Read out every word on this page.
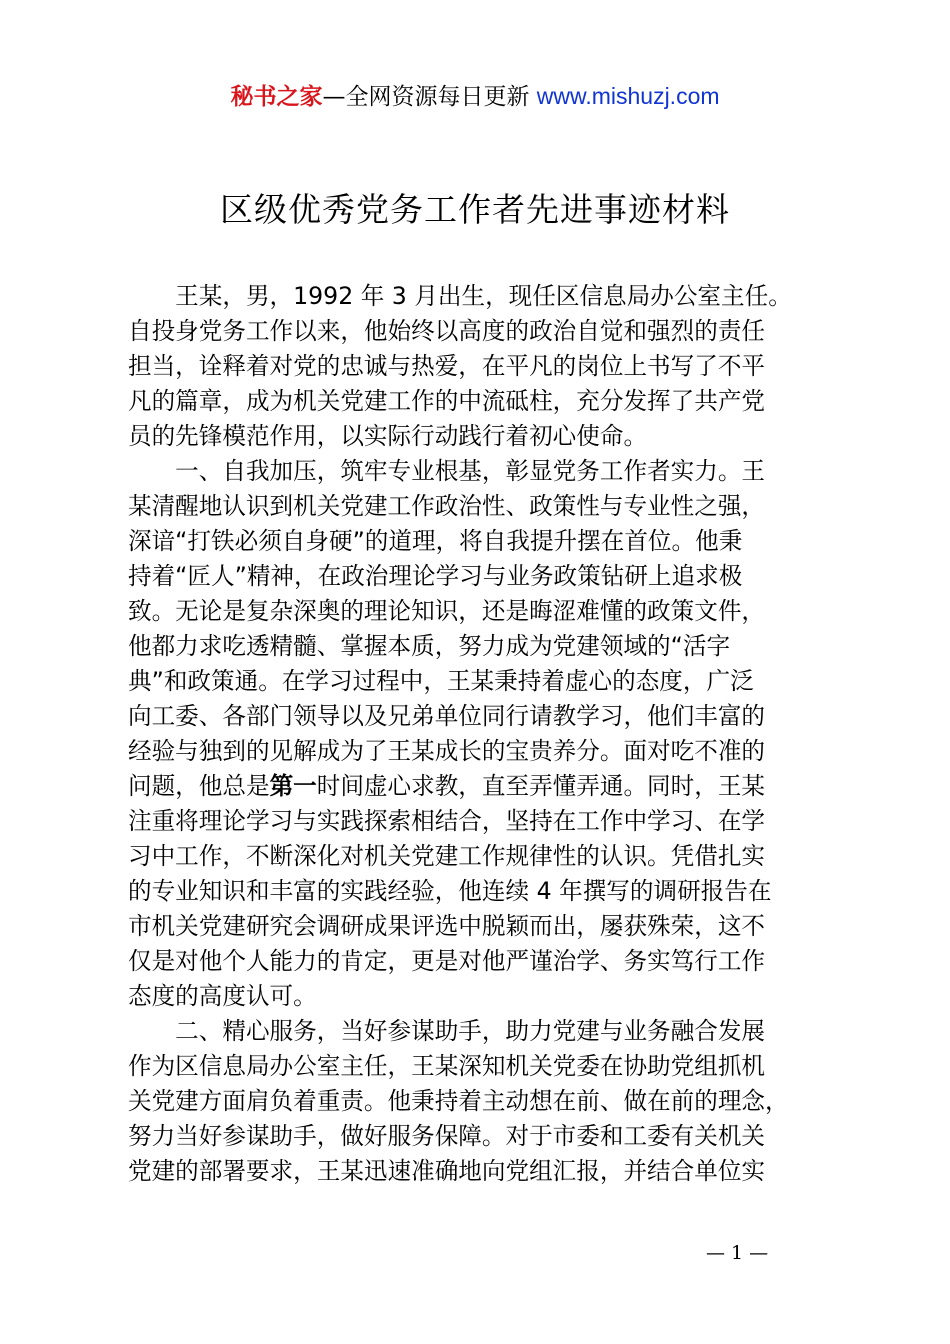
秘书之家—全网资源每日更新 www.mishuzj.com
区级优秀党务工作者先进事迹材料
　　王某，男，1992 年 3 月出生，现任区信息局办公室主任。
自投身党务工作以来，他始终以高度的政治自觉和强烈的责任
担当，诠释着对党的忠诚与热爱，在平凡的岗位上书写了不平
凡的篇章，成为机关党建工作的中流砥柱，充分发挥了共产党
员的先锋模范作用，以实际行动践行着初心使命。
　　一、自我加压，筑牢专业根基，彰显党务工作者实力。王
某清醒地认识到机关党建工作政治性、政策性与专业性之强，
深谙“打铁必须自身硬”的道理，将自我提升摆在首位。他秉
持着“匠人”精神，在政治理论学习与业务政策钻研上追求极
致。无论是复杂深奥的理论知识，还是晦涩难懂的政策文件，
他都力求吃透精髓、掌握本质，努力成为党建领域的“活字
典”和政策通。在学习过程中，王某秉持着虚心的态度，广泛
向工委、各部门领导以及兄弟单位同行请教学习，他们丰富的
经验与独到的见解成为了王某成长的宝贵养分。面对吃不准的
问题，他总是第一时间虚心求教，直至弄懂弄通。同时，王某
注重将理论学习与实践探索相结合，坚持在工作中学习、在学
习中工作，不断深化对机关党建工作规律性的认识。凭借扎实
的专业知识和丰富的实践经验，他连续 4 年撰写的调研报告在
市机关党建研究会调研成果评选中脱颖而出，屡获殊荣，这不
仅是对他个人能力的肯定，更是对他严谨治学、务实笃行工作
态度的高度认可。
　　二、精心服务，当好参谋助手，助力党建与业务融合发展
作为区信息局办公室主任，王某深知机关党委在协助党组抓机
关党建方面肩负着重责。他秉持着主动想在前、做在前的理念，
努力当好参谋助手，做好服务保障。对于市委和工委有关机关
党建的部署要求，王某迅速准确地向党组汇报，并结合单位实
— 1 —
